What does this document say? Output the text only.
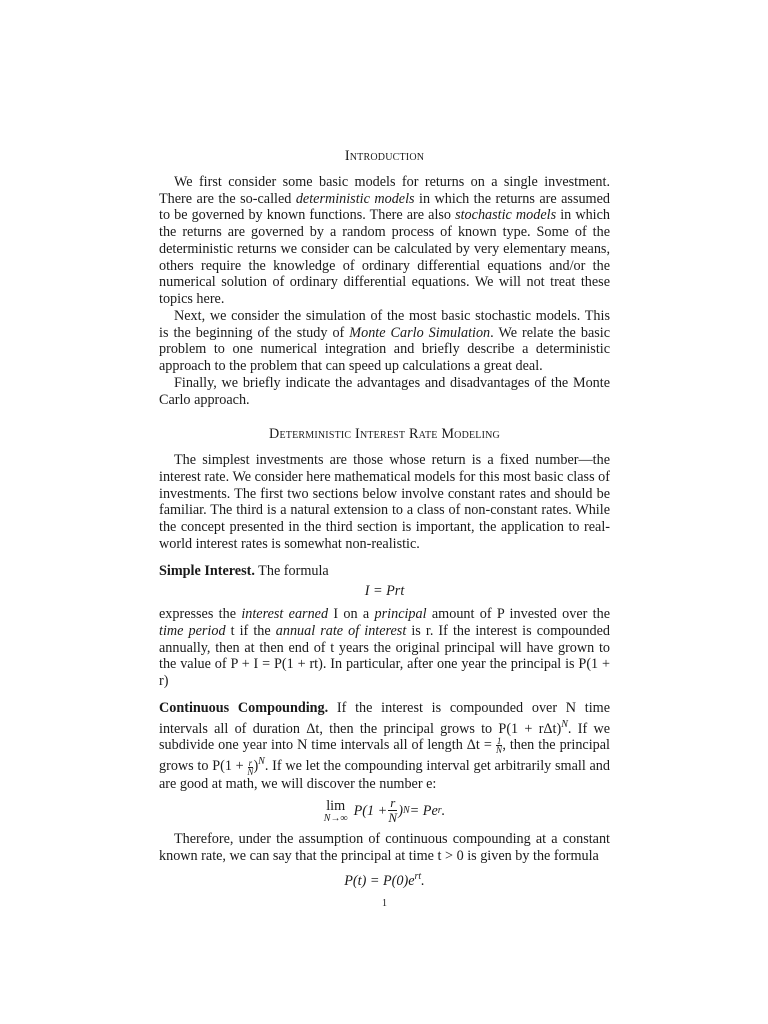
Introduction

We first consider some basic models for returns on a single investment. There are the so-called deterministic models in which the returns are assumed to be governed by known functions. There are also stochastic models in which the returns are governed by a random process of known type. Some of the deterministic returns we consider can be calculated by very elementary means, others require the knowledge of ordinary differential equations and/or the numerical solution of ordinary differential equations. We will not treat these topics here.

Next, we consider the simulation of the most basic stochastic models. This is the beginning of the study of Monte Carlo Simulation. We relate the basic problem to one numerical integration and briefly describe a deterministic approach to the problem that can speed up calculations a great deal.

Finally, we briefly indicate the advantages and disadvantages of the Monte Carlo approach.

Deterministic Interest Rate Modeling

The simplest investments are those whose return is a fixed number—the interest rate. We consider here mathematical models for this most basic class of investments. The first two sections below involve constant rates and should be familiar. The third is a natural extension to a class of non-constant rates. While the concept presented in the third section is important, the application to real-world interest rates is somewhat non-realistic.

Simple Interest. The formula

I = Prt

expresses the interest earned I on a principal amount of P invested over the time period t if the annual rate of interest is r. If the interest is compounded annually, then at then end of t years the original principal will have grown to the value of P + I = P(1 + rt). In particular, after one year the principal is P(1 + r)

Continuous Compounding. If the interest is compounded over N time intervals all of duration Δt, then the principal grows to $P(1 + r\Delta t)^N$. If we subdivide one year into N time intervals all of length $\Delta t = \frac{1}{N}$ , then the principal grows to $P(1 + \frac{r}{N} )^N$. If we let the compounding interval get arbitrarily small and are good at math, we will discover the number e:

lim
N→∞
$P(1 + \frac{r}{N}$ ) N = Pe r .

Therefore, under the assumption of continuous compounding at a constant known rate, we can say that the principal at time t > 0 is given by the formula

$P(t) = P(0)e^{rt}$.
1
